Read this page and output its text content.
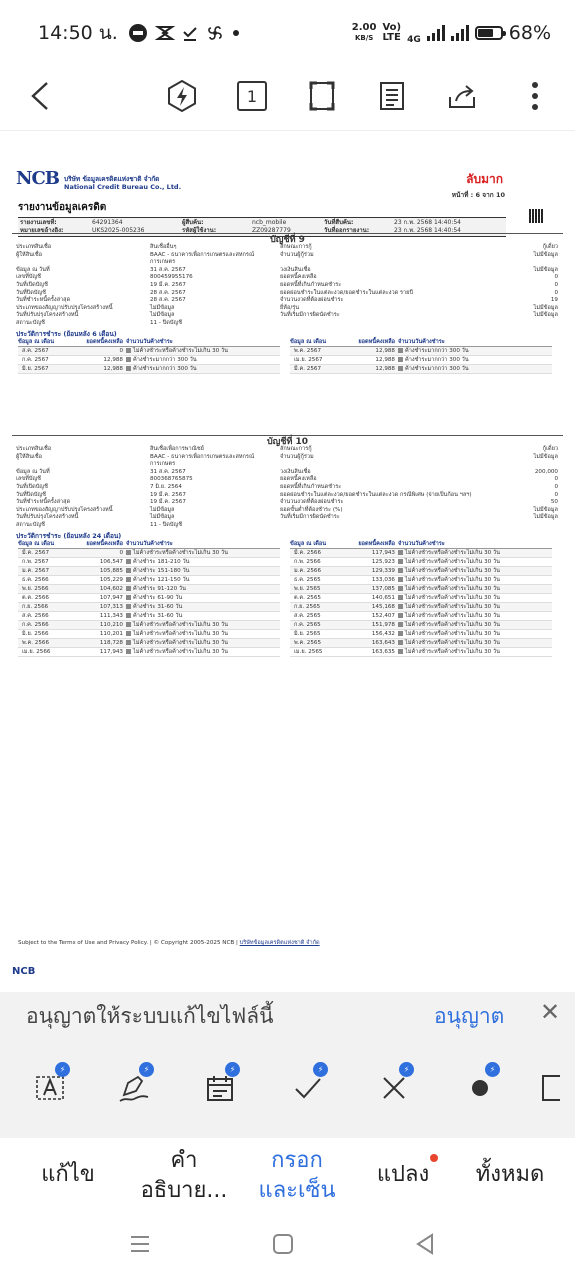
14:50 น.	2.00
KB/S
Vo)
LTE 4G	68%
1
NCB บริษัท ข้อมูลเครดิตแห่งชาติ จำกัด
National Credit Bureau Co., Ltd.
ลับมาก
หน้าที่ : 6 จาก 10
รายงานข้อมูลเครดิต
รายงานเลขที่:	64291364	ผู้สืบค้น:	ncb_mobile	วันที่สืบค้น:	23 ก.พ. 2568 14:40:54
หมายเลขอ้างอิง:	UKS2025-005236	รหัสผู้ใช้งาน:	ZZ09287779	วันที่ออกรายงาน:	23 ก.พ. 2568 14:40:54
บัญชีที่ 9
ประเภทสินเชื่อ	สินเชื่ออื่นๆ	ลักษณะการกู้	กู้เดี่ยว
ผู้ให้สินเชื่อ	BAAC - ธนาคารเพื่อการเกษตรและสหกรณ์	จำนวนผู้กู้ร่วม	ไม่มีข้อมูล
การเกษตร
ข้อมูล ณ วันที่	31 ส.ค. 2567	วงเงินสินเชื่อ	ไม่มีข้อมูล
เลขที่บัญชี	800459955176	ยอดหนี้คงเหลือ	0
วันที่เปิดบัญชี	19 มี.ค. 2567	ยอดหนี้ที่เกินกำหนดชำระ	0
วันที่ปิดบัญชี	28 ส.ค. 2567	ยอดผ่อนชำระในแต่ละงวด/ยอดชำระในแต่ละงวด รายปี	0
วันที่ชำระหนี้ครั้งล่าสุด	28 ส.ค. 2567	จำนวนงวดที่ต้องผ่อนชำระ	19
ประเภทของสัญญาปรับปรุงโครงสร้างหนี้	ไม่มีข้อมูล	ยี่ห้อ/รุ่น	ไม่มีข้อมูล
วันที่ปรับปรุงโครงสร้างหนี้	ไม่มีข้อมูล	วันที่เริ่มมีการผิดนัดชำระ	ไม่มีข้อมูล
สถานะบัญชี	11 - ปิดบัญชี
ประวัติการชำระ (ย้อนหลัง 6 เดือน)
ข้อมูล ณ เดือน	ยอดหนี้คงเหลือ	จำนวนวันค้างชำระ
ส.ค. 2567	0	ไม่ค้างชำระหรือค้างชำระไม่เกิน 30 วัน
ก.ค. 2567	12,988	ค้างชำระมากกว่า 300 วัน
มิ.ย. 2567	12,988	ค้างชำระมากกว่า 300 วัน
ข้อมูล ณ เดือน	ยอดหนี้คงเหลือ	จำนวนวันค้างชำระ
พ.ค. 2567	12,988	ค้างชำระมากกว่า 300 วัน
เม.ย. 2567	12,988	ค้างชำระมากกว่า 300 วัน
มี.ค. 2567	12,988	ค้างชำระมากกว่า 300 วัน
บัญชีที่ 10
ประเภทสินเชื่อ	สินเชื่อเพื่อการพาณิชย์	ลักษณะการกู้	กู้เดี่ยว
ผู้ให้สินเชื่อ	BAAC - ธนาคารเพื่อการเกษตรและสหกรณ์	จำนวนผู้กู้ร่วม	ไม่มีข้อมูล
การเกษตร
ข้อมูล ณ วันที่	31 ส.ค. 2567	วงเงินสินเชื่อ	200,000
เลขที่บัญชี	800368765875	ยอดหนี้คงเหลือ	0
วันที่เปิดบัญชี	7 มิ.ย. 2564	ยอดหนี้ที่เกินกำหนดชำระ	0
วันที่ปิดบัญชี	19 มี.ค. 2567	ยอดผ่อนชำระในแต่ละงวด/ยอดชำระในแต่ละงวด กรณีพิเศษ (จ่ายเป็นก้อน ฯลฯ)	0
วันที่ชำระหนี้ครั้งล่าสุด	19 มี.ค. 2567	จำนวนงวดที่ต้องผ่อนชำระ	50
ประเภทของสัญญาปรับปรุงโครงสร้างหนี้	ไม่มีข้อมูล	ยอดขั้นต่ำที่ต้องชำระ (%)	ไม่มีข้อมูล
วันที่ปรับปรุงโครงสร้างหนี้	ไม่มีข้อมูล	วันที่เริ่มมีการผิดนัดชำระ	ไม่มีข้อมูล
สถานะบัญชี	11 - ปิดบัญชี
ประวัติการชำระ (ย้อนหลัง 24 เดือน)
ข้อมูล ณ เดือน	ยอดหนี้คงเหลือ	จำนวนวันค้างชำระ
มี.ค. 2567	0	ไม่ค้างชำระหรือค้างชำระไม่เกิน 30 วัน
ก.พ. 2567	106,547	ค้างชำระ 181-210 วัน
ม.ค. 2567	105,885	ค้างชำระ 151-180 วัน
ธ.ค. 2566	105,229	ค้างชำระ 121-150 วัน
พ.ย. 2566	104,602	ค้างชำระ 91-120 วัน
ต.ค. 2566	107,947	ค้างชำระ 61-90 วัน
ก.ย. 2566	107,313	ค้างชำระ 31-60 วัน
ส.ค. 2566	111,343	ค้างชำระ 31-60 วัน
ก.ค. 2566	110,210	ไม่ค้างชำระหรือค้างชำระไม่เกิน 30 วัน
มิ.ย. 2566	110,201	ไม่ค้างชำระหรือค้างชำระไม่เกิน 30 วัน
พ.ค. 2566	118,728	ไม่ค้างชำระหรือค้างชำระไม่เกิน 30 วัน
เม.ย. 2566	117,943	ไม่ค้างชำระหรือค้างชำระไม่เกิน 30 วัน
ข้อมูล ณ เดือน	ยอดหนี้คงเหลือ	จำนวนวันค้างชำระ
มี.ค. 2566	117,943	ไม่ค้างชำระหรือค้างชำระไม่เกิน 30 วัน
ก.พ. 2566	125,923	ไม่ค้างชำระหรือค้างชำระไม่เกิน 30 วัน
ม.ค. 2566	129,339	ไม่ค้างชำระหรือค้างชำระไม่เกิน 30 วัน
ธ.ค. 2565	133,036	ไม่ค้างชำระหรือค้างชำระไม่เกิน 30 วัน
พ.ย. 2565	137,085	ไม่ค้างชำระหรือค้างชำระไม่เกิน 30 วัน
ต.ค. 2565	140,651	ไม่ค้างชำระหรือค้างชำระไม่เกิน 30 วัน
ก.ย. 2565	145,168	ไม่ค้างชำระหรือค้างชำระไม่เกิน 30 วัน
ส.ค. 2565	152,407	ไม่ค้างชำระหรือค้างชำระไม่เกิน 30 วัน
ก.ค. 2565	151,978	ไม่ค้างชำระหรือค้างชำระไม่เกิน 30 วัน
มิ.ย. 2565	156,432	ไม่ค้างชำระหรือค้างชำระไม่เกิน 30 วัน
พ.ค. 2565	163,643	ไม่ค้างชำระหรือค้างชำระไม่เกิน 30 วัน
เม.ย. 2565	163,635	ไม่ค้างชำระหรือค้างชำระไม่เกิน 30 วัน
Subject to the Terms of Use and Privacy Policy. | © Copyright 2005-2025 NCB | บริษัทข้อมูลเครดิตแห่งชาติ จำกัด
NCB
อนุญาตให้ระบบแก้ไขไฟล์นี้	อนุญาต ✕
⚡	⚡	⚡	⚡	⚡	⚡
แก้ไข
คำ
อธิบาย...
กรอก
และเซ็น
แปลง	ทั้งหมด
